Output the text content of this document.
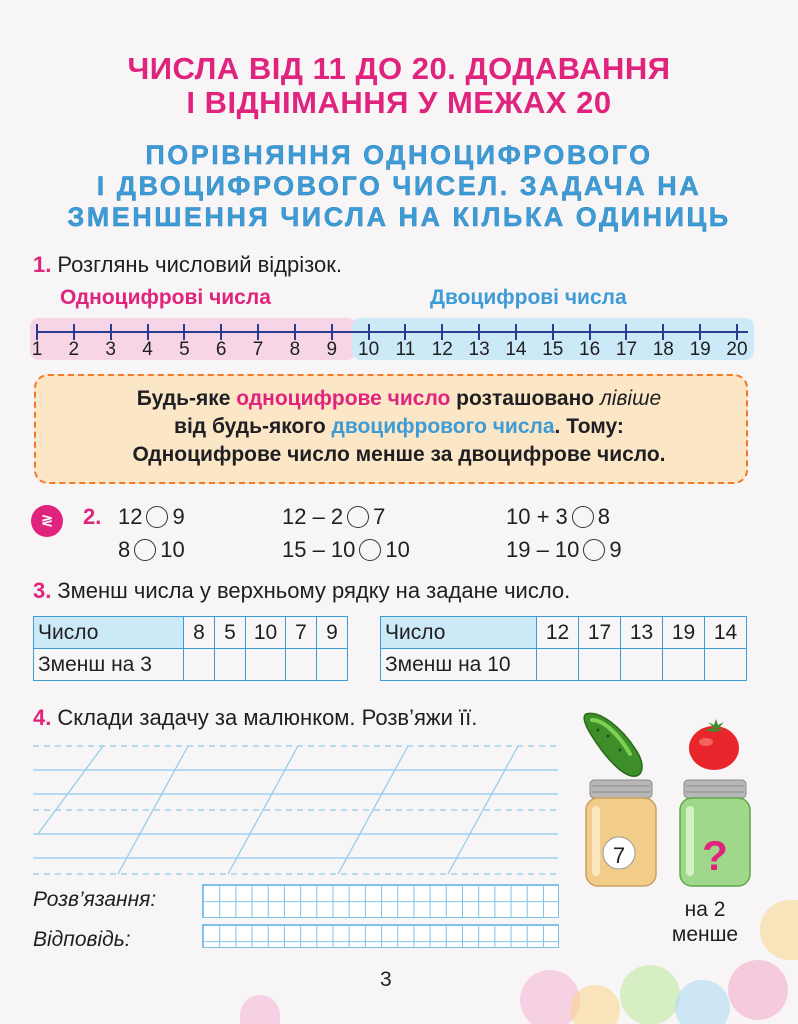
ЧИСЛА ВІД 11 ДО 20. ДОДАВАННЯ
І ВІДНІМАННЯ У МЕЖАХ 20
ПОРІВНЯННЯ ОДНОЦИФРОВОГО
І ДВОЦИФРОВОГО ЧИСЕЛ. ЗАДАЧА НА
ЗМЕНШЕННЯ ЧИСЛА НА КІЛЬКА ОДИНИЦЬ
1. Розглянь числовий відрізок.
Одноцифрові числа	Двоцифрові числа
1	2	3	4	5	6	7	8	9	10 11 12 13 14 15 16 17 18 19 20
Будь-яке одноцифрове число розташовано лівіше
від будь-якого двоцифрового числа. Тому:
Одноцифрове число менше за двоцифрове число.
≷	2. 12 9	12 – 2 7	10 + 3 8
8 10	15 – 10 10	19 – 10 9
3. Зменш числа у верхньому рядку на задане число.
Число	8	5	10	7	9
Зменш на 3					
Число	12	17	13	19	14
Зменш на 10					
4. Склади задачу за малюнком. Розв’яжи її.
Розв’язання:
Відповідь:
7 ?
на 2
менше
3
